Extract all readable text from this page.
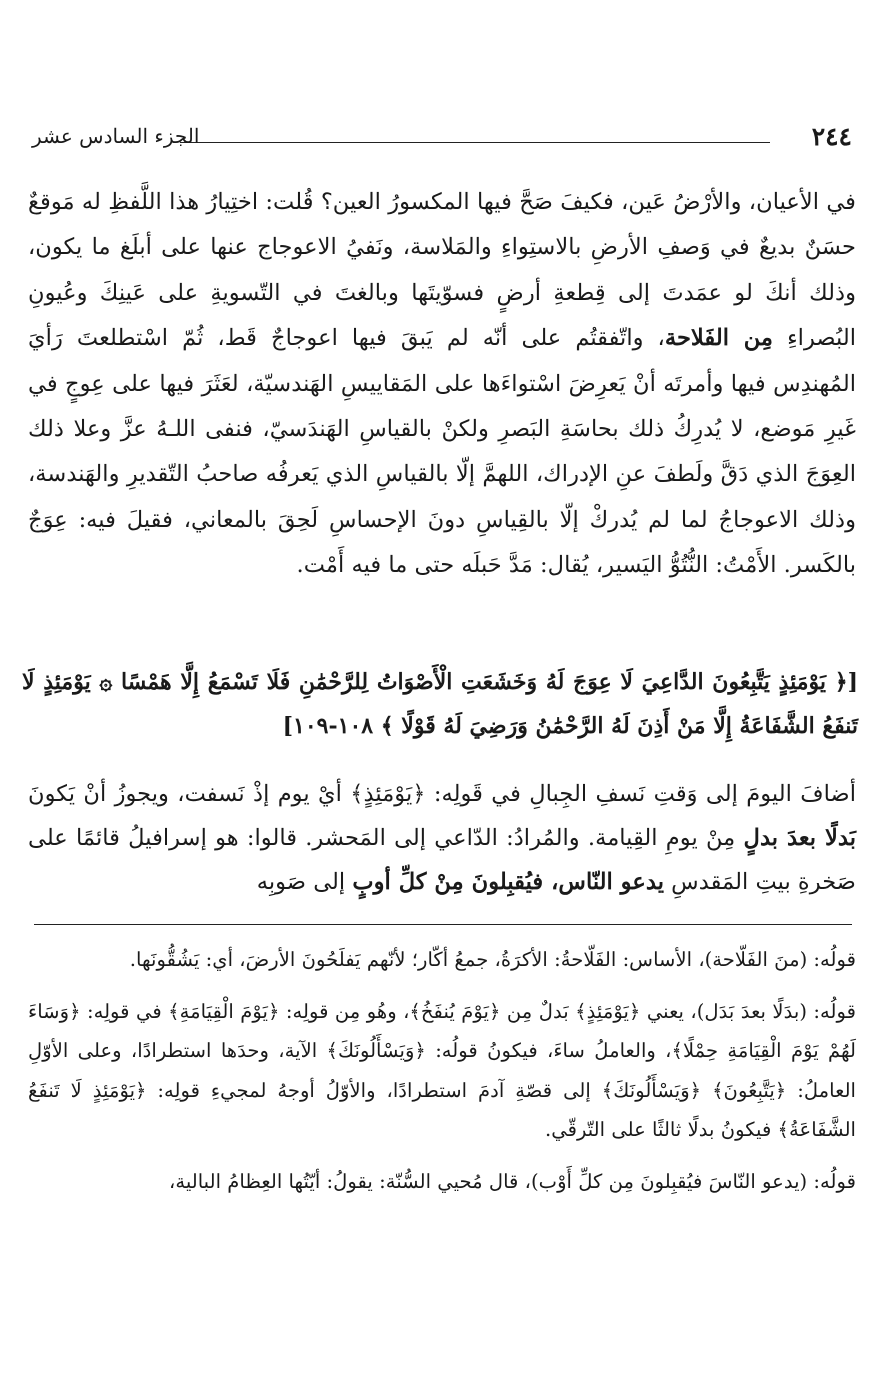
٢٤٤
الجزء السادس عشر

في الأعيان، والأرْضُ عَين، فكيفَ صَحَّ فيها المكسورُ العين؟ قُلت: اختِيارُ هذا اللَّفظِ له مَوقعٌ حسَنٌ بديعٌ في وَصفِ الأرضِ بالاستِواءِ والمَلاسة، ونَفيُ الاعوجاج عنها على أبلَغ ما يكون، وذلك أنكَ لو عمَدتَ إلى قِطعةِ أرضٍ فسوّيتَها وبالغتَ في التّسويةِ على عَينِكَ وعُيونِ البُصراءِ مِن الفَلاحة، واتّفقتُم على أنّه لم يَبقَ فيها اعوجاجٌ قَط، ثُمّ اسْتطلعتَ رَأيَ المُهندِس فيها وأمرتَه أنْ يَعرِضَ اسْتواءَها على المَقاييسِ الهَندسيّة، لعَثَرَ فيها على عِوجٍ في غَيرِ مَوضع، لا يُدرِكُ ذلك بحاسَةِ البَصرِ ولكنْ بالقياسِ الهَندَسيّ، فنفى اللـهُ عزَّ وعلا ذلك العِوَجَ الذي دَقَّ ولَطفَ عنِ الإدراك، اللهمَّ إلّا بالقياسِ الذي يَعرفُه صاحبُ التّقديرِ والهَندسة، وذلك الاعوجاجُ لما لم يُدركْ إلّا بالقِياسِ دونَ الإحساسِ لَحِقَ بالمعاني، فقيلَ فيه: عِوَجٌ بالكَسر. الأَمْتُ: النُّتُوُّ اليَسير، يُقال: مَدَّ حَبلَه حتى ما فيه أَمْت.

[﴿ يَوْمَئِذٍ يَتَّبِعُونَ الدَّاعِيَ لَا عِوَجَ لَهُ وَخَشَعَتِ الْأَصْوَاتُ لِلرَّحْمَٰنِ فَلَا تَسْمَعُ إِلَّا هَمْسًا ۞ يَوْمَئِذٍ لَا تَنفَعُ الشَّفَاعَةُ إِلَّا مَنْ أَذِنَ لَهُ الرَّحْمَٰنُ وَرَضِيَ لَهُ قَوْلًا ﴾ ١٠٨-١٠٩]

أضافَ اليومَ إلى وَقتِ نَسفِ الجِبالِ في قَولِه: ﴿يَوْمَئِذٍ﴾ أيْ يوم إذْ نَسفت، ويجوزُ أنْ يَكونَ بَدلًا بعدَ بدلٍ مِنْ يومِ القِيامة. والمُرادُ: الدّاعي إلى المَحشر. قالوا: هو إسرافيلُ قائمًا على صَخرةِ بيتِ المَقدسِ يدعو النّاس، فيُقبِلونَ مِنْ كلِّ أوبٍ إلى صَوبِه

قولُه: (منَ الفَلّاحة)، الأساس: الفَلّاحةُ: الأكرَةُ، جمعُ أكّار؛ لأنّهم يَفلَحُونَ الأرضَ، أي: يَشُقُّونَها.

قولُه: (بدَلًا بعدَ بَدَل)، يعني ﴿يَوْمَئِذٍ﴾ بَدلٌ مِن ﴿يَوْمَ يُنفَخُ﴾، وهُو مِن قولِه: ﴿يَوْمَ الْقِيَامَةِ﴾ في قولِه: ﴿وَسَاءَ لَهُمْ يَوْمَ الْقِيَامَةِ حِمْلًا﴾، والعاملُ ساءَ، فيكونُ قولُه: ﴿وَيَسْأَلُونَكَ﴾ الآية، وحدَها استطرادًا، وعلى الأوّلِ العاملُ: ﴿يَتَّبِعُونَ﴾ ﴿وَيَسْأَلُونَكَ﴾ إلى قصّةِ آدمَ استطرادًا، والأوّلُ أوجهُ لمجيءِ قولِه: ﴿يَوْمَئِذٍ لَا تَنفَعُ الشَّفَاعَةُ﴾ فيكونُ بدلًا ثالثًا على التّرقّي.

قولُه: (يدعو النّاسَ فيُقبِلونَ مِن كلِّ أَوْب)، قال مُحيي السُّنّة: يقولُ: أيّتُها العِظامُ البالية،
